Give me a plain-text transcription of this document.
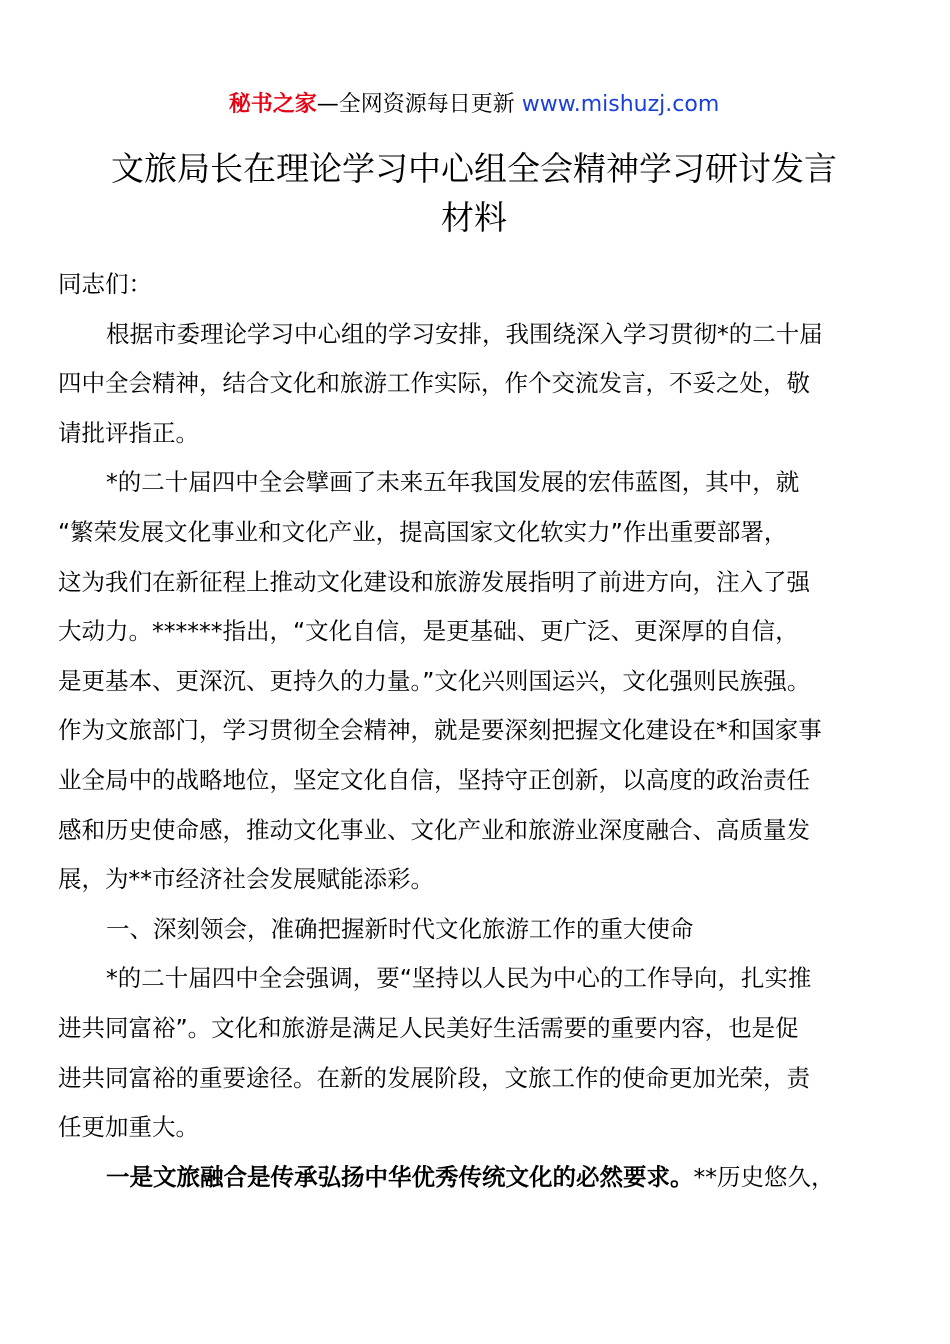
秘书之家—全网资源每日更新 www.mishuzj.com
文旅局长在理论学习中心组全会精神学习研讨发言
材料
同志们：

根据市委理论学习中心组的学习安排，我围绕深入学习贯彻*的二十届
四中全会精神，结合文化和旅游工作实际，作个交流发言，不妥之处，敬
请批评指正。

*的二十届四中全会擘画了未来五年我国发展的宏伟蓝图，其中，就
“繁荣发展文化事业和文化产业，提高国家文化软实力”作出重要部署，
这为我们在新征程上推动文化建设和旅游发展指明了前进方向，注入了强
大动力。******指出，“文化自信，是更基础、更广泛、更深厚的自信，
是更基本、更深沉、更持久的力量。”文化兴则国运兴，文化强则民族强。
作为文旅部门，学习贯彻全会精神，就是要深刻把握文化建设在*和国家事
业全局中的战略地位，坚定文化自信，坚持守正创新，以高度的政治责任
感和历史使命感，推动文化事业、文化产业和旅游业深度融合、高质量发
展，为**市经济社会发展赋能添彩。

一、深刻领会，准确把握新时代文化旅游工作的重大使命

*的二十届四中全会强调，要“坚持以人民为中心的工作导向，扎实推
进共同富裕”。文化和旅游是满足人民美好生活需要的重要内容，也是促
进共同富裕的重要途径。在新的发展阶段，文旅工作的使命更加光荣，责
任更加重大。

一是文旅融合是传承弘扬中华优秀传统文化的必然要求。**历史悠久，
